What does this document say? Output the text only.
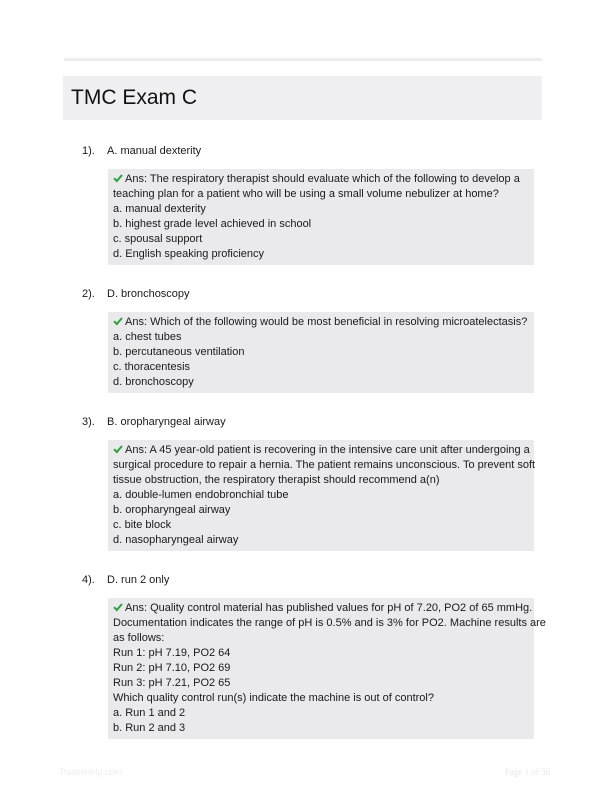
TMC Exam C
1). A. manual dexterity
Ans: The respiratory therapist should evaluate which of the following to develop a
teaching plan for a patient who will be using a small volume nebulizer at home?
a. manual dexterity
b. highest grade level achieved in school
c. spousal support
d. English speaking proficiency
2). D. bronchoscopy
Ans: Which of the following would be most beneficial in resolving microatelectasis?
a. chest tubes
b. percutaneous ventilation
c. thoracentesis
d. bronchoscopy
3). B. oropharyngeal airway
Ans: A 45 year-old patient is recovering in the intensive care unit after undergoing a
surgical procedure to repair a hernia. The patient remains unconscious. To prevent soft
tissue obstruction, the respiratory therapist should recommend a(n)
a. double-lumen endobronchial tube
b. oropharyngeal airway
c. bite block
d. nasopharyngeal airway
4). D. run 2 only
Ans: Quality control material has published values for pH of 7.20, PO2 of 65 mmHg.
Documentation indicates the range of pH is 0.5% and is 3% for PO2. Machine results are
as follows:
Run 1: pH 7.19, PO2 64
Run 2: pH 7.10, PO2 69
Run 3: pH 7.21, PO2 65
Which quality control run(s) indicate the machine is out of control?
a. Run 1 and 2
b. Run 2 and 3
PaperHelp.com	Page 1 of 36
